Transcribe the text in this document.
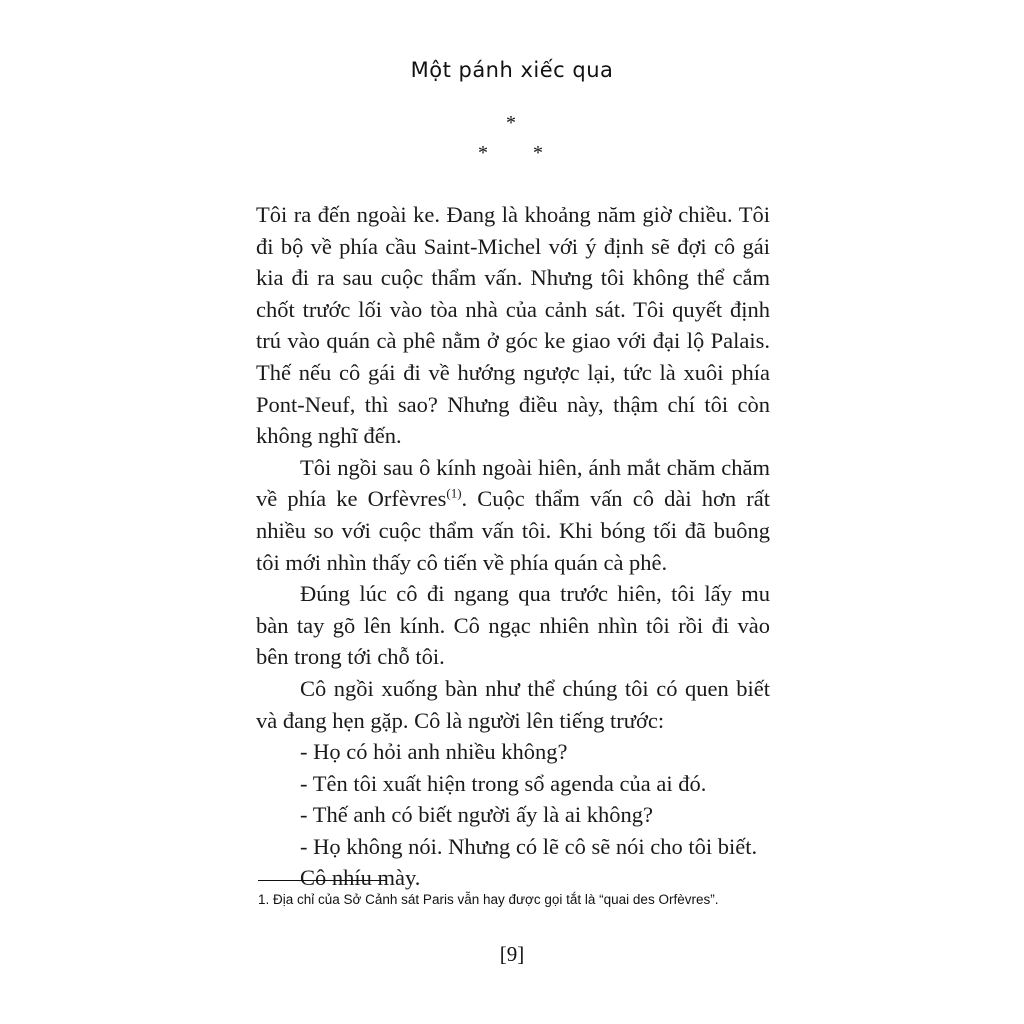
Một pánh xiếc qua
*
* *

Tôi ra đến ngoài ke. Đang là khoảng năm giờ chiều. Tôi đi bộ về phía cầu Saint-Michel với ý định sẽ đợi cô gái kia đi ra sau cuộc thẩm vấn. Nhưng tôi không thể cắm chốt trước lối vào tòa nhà của cảnh sát. Tôi quyết định trú vào quán cà phê nằm ở góc ke giao với đại lộ Palais. Thế nếu cô gái đi về hướng ngược lại, tức là xuôi phía Pont-Neuf, thì sao? Nhưng điều này, thậm chí tôi còn không nghĩ đến.

Tôi ngồi sau ô kính ngoài hiên, ánh mắt chăm chăm về phía ke Orfèvres$^{(1)}$. Cuộc thẩm vấn cô dài hơn rất nhiều so với cuộc thẩm vấn tôi. Khi bóng tối đã buông tôi mới nhìn thấy cô tiến về phía quán cà phê.

Đúng lúc cô đi ngang qua trước hiên, tôi lấy mu bàn tay gõ lên kính. Cô ngạc nhiên nhìn tôi rồi đi vào bên trong tới chỗ tôi.

Cô ngồi xuống bàn như thể chúng tôi có quen biết và đang hẹn gặp. Cô là người lên tiếng trước:

- Họ có hỏi anh nhiều không?

- Tên tôi xuất hiện trong sổ agenda của ai đó.

- Thế anh có biết người ấy là ai không?

- Họ không nói. Nhưng có lẽ cô sẽ nói cho tôi biết.

Cô nhíu mày.

1. Địa chỉ của Sở Cảnh sát Paris vẫn hay được gọi tắt là “quai des Orfèvres”.
[9]
